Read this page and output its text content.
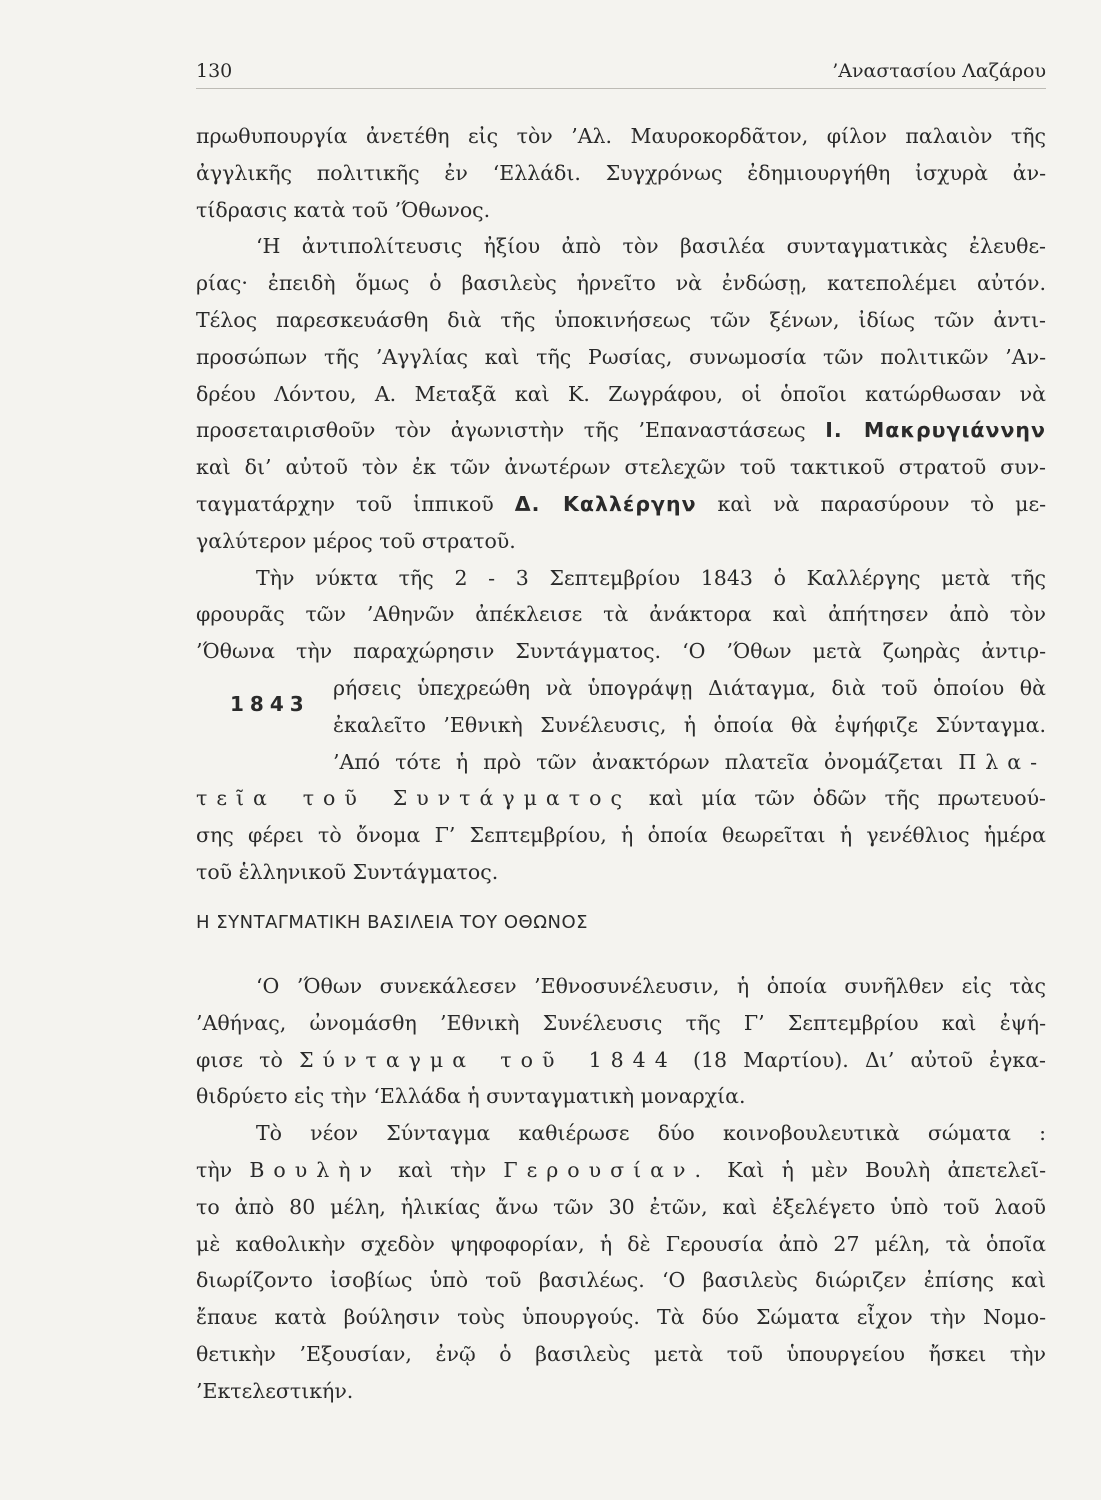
130	’Αναστασίου Λαζάρου
πρωθυπουργία ἀνετέθη εἰς τὸν ’Αλ. Μαυροκορδᾶτον, φίλον παλαιὸν τῆς
ἀγγλικῆς πολιτικῆς ἐν ‘Ελλάδι. Συγχρόνως ἐδημιουργήθη ἰσχυρὰ ἀν-
τίδρασις κατὰ τοῦ ’Όθωνος.
‘Η ἀντιπολίτευσις ἠξίου ἀπὸ τὸν βασιλέα συνταγματικὰς ἐλευθε-
ρίας· ἐπειδὴ ὅμως ὁ βασιλεὺς ἠρνεῖτο νὰ ἐνδώσῃ, κατεπολέμει αὐτόν.
Τέλος παρεσκευάσθη διὰ τῆς ὑποκινήσεως τῶν ξένων, ἰδίως τῶν ἀντι-
προσώπων τῆς ’Αγγλίας καὶ τῆς Ρωσίας, συνωμοσία τῶν πολιτικῶν ’Αν-
δρέου Λόντου, Α. Μεταξᾶ καὶ Κ. Ζωγράφου, οἱ ὁποῖοι κατώρθωσαν νὰ
προσεταιρισθοῦν τὸν ἀγωνιστὴν τῆς ’Επαναστάσεως Ι. Μακρυγιάννην
καὶ δι’ αὐτοῦ τὸν ἐκ τῶν ἀνωτέρων στελεχῶν τοῦ τακτικοῦ στρατοῦ συν-
ταγματάρχην τοῦ ἱππικοῦ Δ. Καλλέργην καὶ νὰ παρασύρουν τὸ με-
γαλύτερον μέρος τοῦ στρατοῦ.
Τὴν νύκτα τῆς 2 - 3 Σεπτεμβρίου 1843 ὁ Καλλέργης μετὰ τῆς
φρουρᾶς τῶν ’Αθηνῶν ἀπέκλεισε τὰ ἀνάκτορα καὶ ἀπήτησεν ἀπὸ τὸν
’Όθωνα τὴν παραχώρησιν Συντάγματος. ‘Ο ’Όθων μετὰ ζωηρὰς ἀντιρ-
ρήσεις ὑπεχρεώθη νὰ ὑπογράψῃ Διάταγμα, διὰ τοῦ ὁποίου θὰ
ἐκαλεῖτο ’Εθνικὴ Συνέλευσις, ἡ ὁποία θὰ ἐψήφιζε Σύνταγμα.
’Από τότε ἡ πρὸ τῶν ἀνακτόρων πλατεῖα ὀνομάζεται Πλα-
τεῖα τοῦ Συντάγματος καὶ μία τῶν ὁδῶν τῆς πρωτευού-
σης φέρει τὸ ὄνομα Γ’ Σεπτεμβρίου, ἡ ὁποία θεωρεῖται ἡ γενέθλιος ἡμέρα
τοῦ ἑλληνικοῦ Συντάγματος.
1843
Η ΣΥΝΤΑΓΜΑΤΙΚΗ ΒΑΣΙΛΕΙΑ ΤΟΥ ΟΘΩΝΟΣ
‘Ο ’Όθων συνεκάλεσεν ’Εθνοσυνέλευσιν, ἡ ὁποία συνῆλθεν εἰς τὰς
’Αθήνας, ὠνομάσθη ’Εθνικὴ Συνέλευσις τῆς Γ’ Σεπτεμβρίου καὶ ἐψή-
φισε τὸ Σύνταγμα τοῦ 1844 (18 Μαρτίου). Δι’ αὐτοῦ ἐγκα-
θιδρύετο εἰς τὴν ‘Ελλάδα ἡ συνταγματικὴ μοναρχία.
Τὸ νέον Σύνταγμα καθιέρωσε δύο κοινοβουλευτικὰ σώματα :
τὴν Βουλὴν καὶ τὴν Γερουσίαν. Καὶ ἡ μὲν Βουλὴ ἀπετελεῖ-
το ἀπὸ 80 μέλη, ἡλικίας ἄνω τῶν 30 ἐτῶν, καὶ ἐξελέγετο ὑπὸ τοῦ λαοῦ
μὲ καθολικὴν σχεδὸν ψηφοφορίαν, ἡ δὲ Γερουσία ἀπὸ 27 μέλη, τὰ ὁποῖα
διωρίζοντο ἰσοβίως ὑπὸ τοῦ βασιλέως. ‘Ο βασιλεὺς διώριζεν ἐπίσης καὶ
ἔπαυε κατὰ βούλησιν τοὺς ὑπουργούς. Τὰ δύο Σώματα εἶχον τὴν Νομο-
θετικὴν ’Εξουσίαν, ἐνῷ ὁ βασιλεὺς μετὰ τοῦ ὑπουργείου ἤσκει τὴν
’Εκτελεστικήν.
